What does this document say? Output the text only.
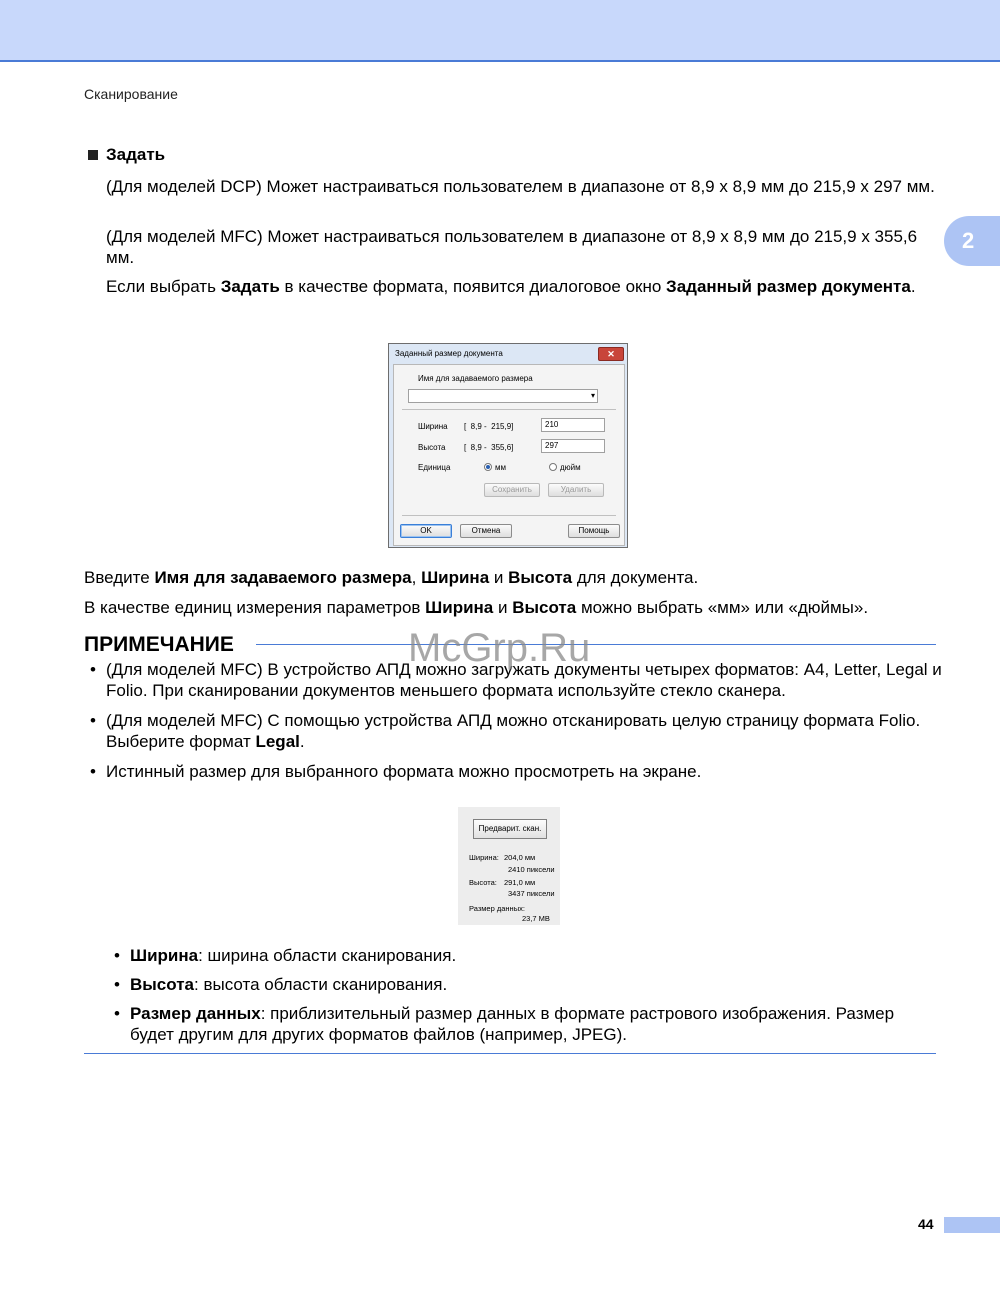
Сканирование
2
Задать
(Для моделей DCP) Может настраиваться пользователем в диапазоне от 8,9 х 8,9 мм до 215,9 х 297 мм.
(Для моделей MFC) Может настраиваться пользователем в диапазоне от 8,9 х 8,9 мм до 215,9 х 355,6 мм.
Если выбрать Задать в качестве формата, появится диалоговое окно Заданный размер документа.
Заданный размер документа	✕
Имя для задаваемого размера
▾
Ширина [  8,9 -  215,9]	210
Высота [  8,9 -  355,6]	297
Единица	мм	дюйм
Сохранить	Удалить
OK	Отмена	Помощь
Введите Имя для задаваемого размера, Ширина и Высота для документа.
В качестве единиц измерения параметров Ширина и Высота можно выбрать «мм» или «дюймы».
ПРИМЕЧАНИЕ
• (Для моделей MFC) В устройство АПД можно загружать документы четырех форматов: A4, Letter, Legal и Folio. При сканировании документов меньшего формата используйте стекло сканера.
• (Для моделей MFC) С помощью устройства АПД можно отсканировать целую страницу формата Folio. Выберите формат Legal.
• Истинный размер для выбранного формата можно просмотреть на экране.
McGrp.Ru
Предварит. скан.
Ширина: 204,0 мм
2410 пиксели
Высота: 291,0 мм
3437 пиксели
Размер данных:
23,7 MB
• Ширина: ширина области сканирования.
• Высота: высота области сканирования.
• Размер данных: приблизительный размер данных в формате растрового изображения. Размер будет другим для других форматов файлов (например, JPEG).
44
